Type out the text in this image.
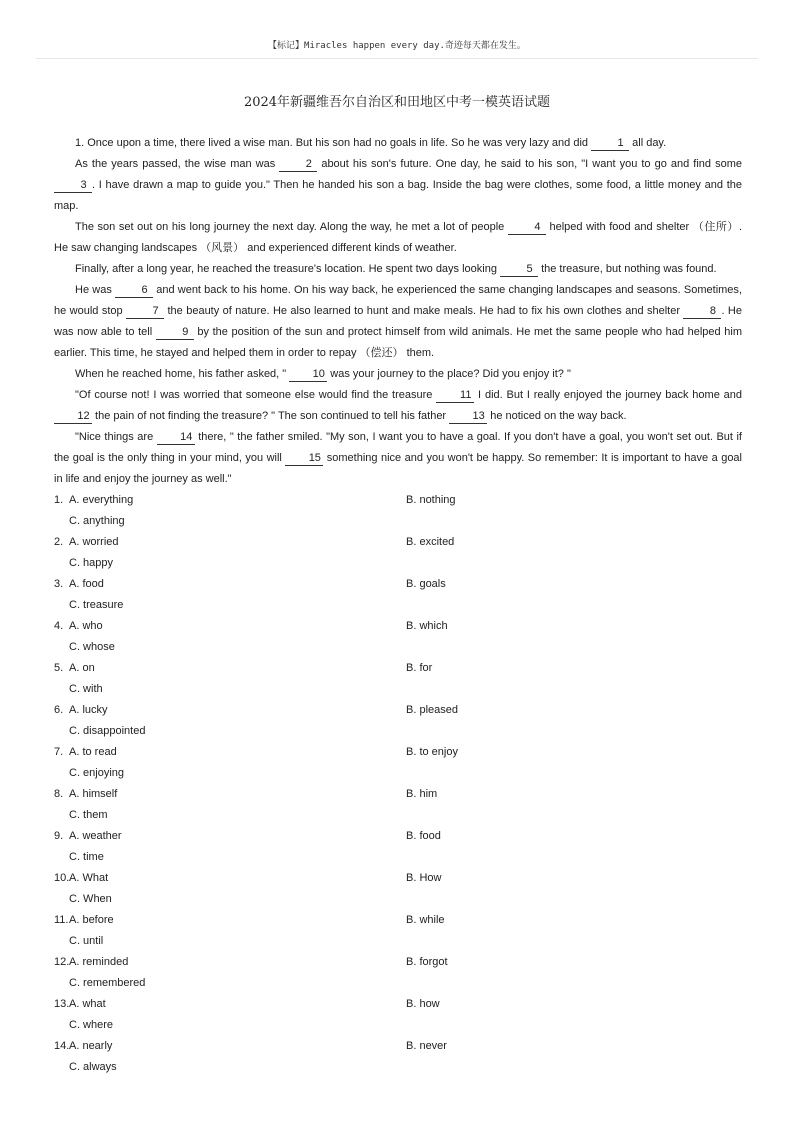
【标记】Miracles happen every day.奇迹每天都在发生。
2024年新疆维吾尔自治区和田地区中考一模英语试题

1. Once upon a time, there lived a wise man. But his son had no goals in life. So he was very lazy and did 1 all day.

As the years passed, the wise man was 2 about his son's future. One day, he said to his son, "I want you to go and find some 3 . I have drawn a map to guide you." Then he handed his son a bag. Inside the bag were clothes, some food, a little money and the map.

The son set out on his long journey the next day. Along the way, he met a lot of people 4 helped with food and shelter （住所）. He saw changing landscapes （风景） and experienced different kinds of weather.

Finally, after a long year, he reached the treasure's location. He spent two days looking 5 the treasure, but nothing was found.

He was 6 and went back to his home. On his way back, he experienced the same changing landscapes and seasons. Sometimes, he would stop 7 the beauty of nature. He also learned to hunt and make meals. He had to fix his own clothes and shelter 8 . He was now able to tell 9 by the position of the sun and protect himself from wild animals. He met the same people who had helped him earlier. This time, he stayed and helped them in order to repay （偿还） them.

When he reached home, his father asked, " 10 was your journey to the place? Did you enjoy it? "

"Of course not! I was worried that someone else would find the treasure 11 I did. But I really enjoyed the journey back home and 12 the pain of not finding the treasure? " The son continued to tell his father 13 he noticed on the way back.

"Nice things are 14 there, " the father smiled. "My son, I want you to have a goal. If you don't have a goal, you won't set out. But if the goal is the only thing in your mind, you will 15 something nice and you won't be happy. So remember: It is important to have a goal in life and enjoy the journey as well."

1. A. everything	B. nothing
C. anything
2. A. worried	B. excited
C. happy
3. A. food	B. goals
C. treasure
4. A. who	B. which
C. whose
5. A. on	B. for
C. with
6. A. lucky	B. pleased
C. disappointed
7. A. to read	B. to enjoy
C. enjoying
8. A. himself	B. him
C. them
9. A. weather	B. food
C. time
10. A. What	B. How
C. When
11. A. before	B. while
C. until
12. A. reminded	B. forgot
C. remembered
13. A. what	B. how
C. where
14. A. nearly	B. never
C. always
